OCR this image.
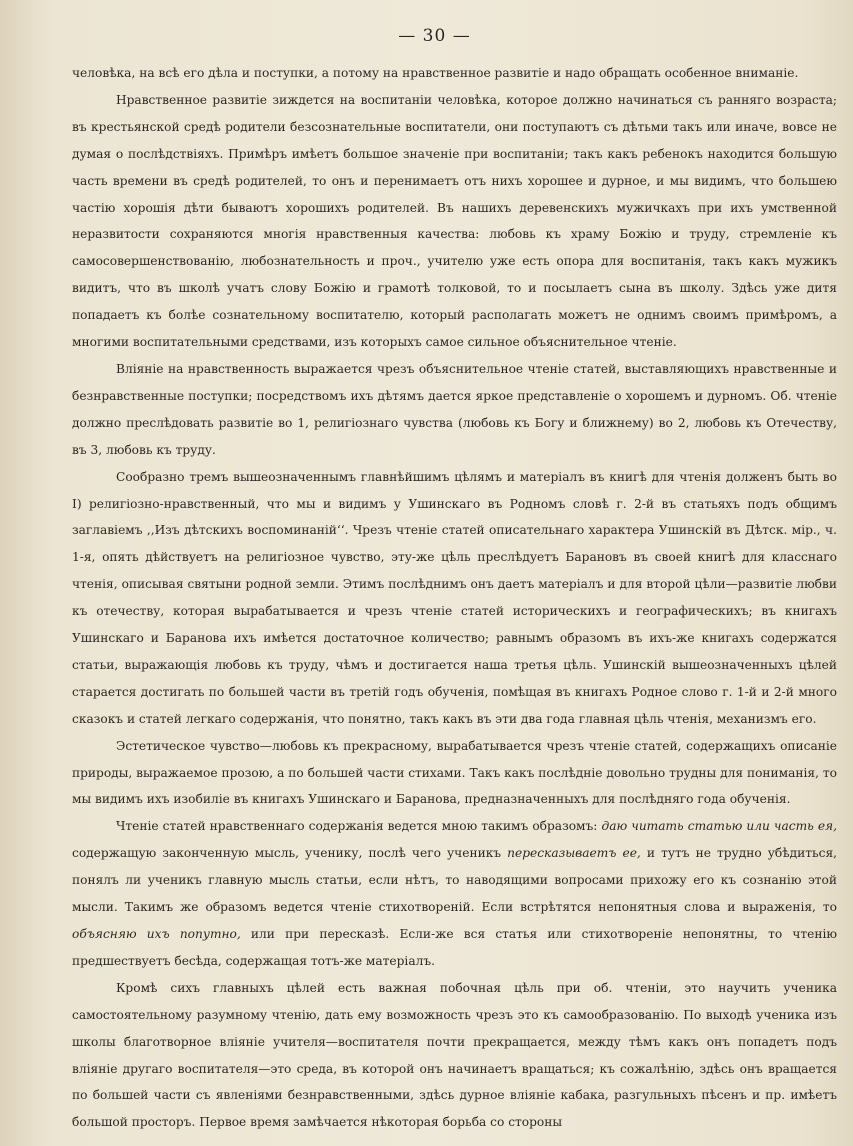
— 30 —

человѣка, на всѣ его дѣла и поступки, а потому на нравственное развитіе и надо обращать особенное вниманіе.

Нравственное развитіе зиждется на воспитаніи человѣка, которое должно начинаться съ ранняго возраста; въ крестьянской средѣ родители безсознательные воспитатели, они поступаютъ съ дѣтьми такъ или иначе, вовсе не думая о послѣдствіяхъ. Примѣръ имѣетъ большое значеніе при воспитаніи; такъ какъ ребенокъ находится большую часть времени въ средѣ родителей, то онъ и перенимаетъ отъ нихъ хорошее и дурное, и мы видимъ, что большею частію хорошія дѣти бываютъ хорошихъ родителей. Въ нашихъ деревенскихъ мужичкахъ при ихъ умственной неразвитости сохраняются многія нравственныя качества: любовь къ храму Божію и труду, стремленіе къ самосовершенствованію, любознательность и проч., учителю уже есть опора для воспитанія, такъ какъ мужикъ видитъ, что въ школѣ учатъ слову Божію и грамотѣ толковой, то и посылаетъ сына въ школу. Здѣсь уже дитя попадаетъ къ болѣе сознательному воспитателю, который располагать можетъ не однимъ своимъ примѣромъ, а многими воспитательными средствами, изъ которыхъ самое сильное объяснительное чтеніе.

Вліяніе на нравственность выражается чрезъ объяснительное чтеніе статей, выставляющихъ нравственные и безнравственные поступки; посредствомъ ихъ дѣтямъ дается яркое представленіе о хорошемъ и дурномъ. Об. чтеніе должно преслѣдовать развитіе во 1, религіознаго чувства (любовь къ Богу и ближнему) во 2, любовь къ Отечеству, въ 3, любовь къ труду.

Сообразно тремъ вышеозначеннымъ главнѣйшимъ цѣлямъ и матеріалъ въ книгѣ для чтенія долженъ быть во I) религіозно-нравственный, что мы и видимъ у Ушинскаго въ Родномъ словѣ г. 2-й въ статьяхъ подъ общимъ заглавіемъ ,,Изъ дѣтскихъ воспоминаній‘‘. Чрезъ чтеніе статей описательнаго характера Ушинскій въ Дѣтск. мір., ч. 1-я, опять дѣйствуетъ на религіозное чувство, эту-же цѣль преслѣдуетъ Барановъ въ своей книгѣ для класснаго чтенія, описывая святыни родной земли. Этимъ послѣднимъ онъ даетъ матеріалъ и для второй цѣли—развитіе любви къ отечеству, которая вырабатывается и чрезъ чтеніе статей историческихъ и географическихъ; въ книгахъ Ушинскаго и Баранова ихъ имѣется достаточное количество; равнымъ образомъ въ ихъ-же книгахъ содержатся статьи, выражающія любовь къ труду, чѣмъ и достигается наша третья цѣль. Ушинскій вышеозначенныхъ цѣлей старается достигать по большей части въ третій годъ обученія, помѣщая въ книгахъ Родное слово г. 1-й и 2-й много сказокъ и статей легкаго содержанія, что понятно, такъ какъ въ эти два года главная цѣль чтенія, механизмъ его.

Эстетическое чувство—любовь къ прекрасному, вырабатывается чрезъ чтеніе статей, содержащихъ описаніе природы, выражаемое прозою, а по большей части стихами. Такъ какъ послѣдніе довольно трудны для пониманія, то мы видимъ ихъ изобиліе въ книгахъ Ушинскаго и Баранова, предназначенныхъ для послѣдняго года обученія.

Чтеніе статей нравственнаго содержанія ведется мною такимъ образомъ: даю читать статью или часть ея, содержащую законченную мысль, ученику, послѣ чего ученикъ пересказываетъ ее, и тутъ не трудно убѣдиться, понялъ ли ученикъ главную мысль статьи, если нѣтъ, то наводящими вопросами прихожу его къ сознанію этой мысли. Такимъ же образомъ ведется чтеніе стихотвореній. Если встрѣтятся непонятныя слова и выраженія, то объясняю ихъ попутно, или при пересказѣ. Если-же вся статья или стихотвореніе непонятны, то чтенію предшествуетъ бесѣда, содержащая тотъ-же матеріалъ.

Кромѣ сихъ главныхъ цѣлей есть важная побочная цѣль при об. чтеніи, это научить ученика самостоятельному разумному чтенію, дать ему возможность чрезъ это къ самообразованію. По выходѣ ученика изъ школы благотворное вліяніе учителя—воспитателя почти прекращается, между тѣмъ какъ онъ попадетъ подъ вліяніе другаго воспитателя—это среда, въ которой онъ начинаетъ вращаться; къ сожалѣнію, здѣсь онъ вращается по большей части съ явленіями безнравственными, здѣсь дурное вліяніе кабака, разгульныхъ пѣсенъ и пр. имѣетъ большой просторъ. Первое время замѣчается нѣкоторая борьба со стороны
